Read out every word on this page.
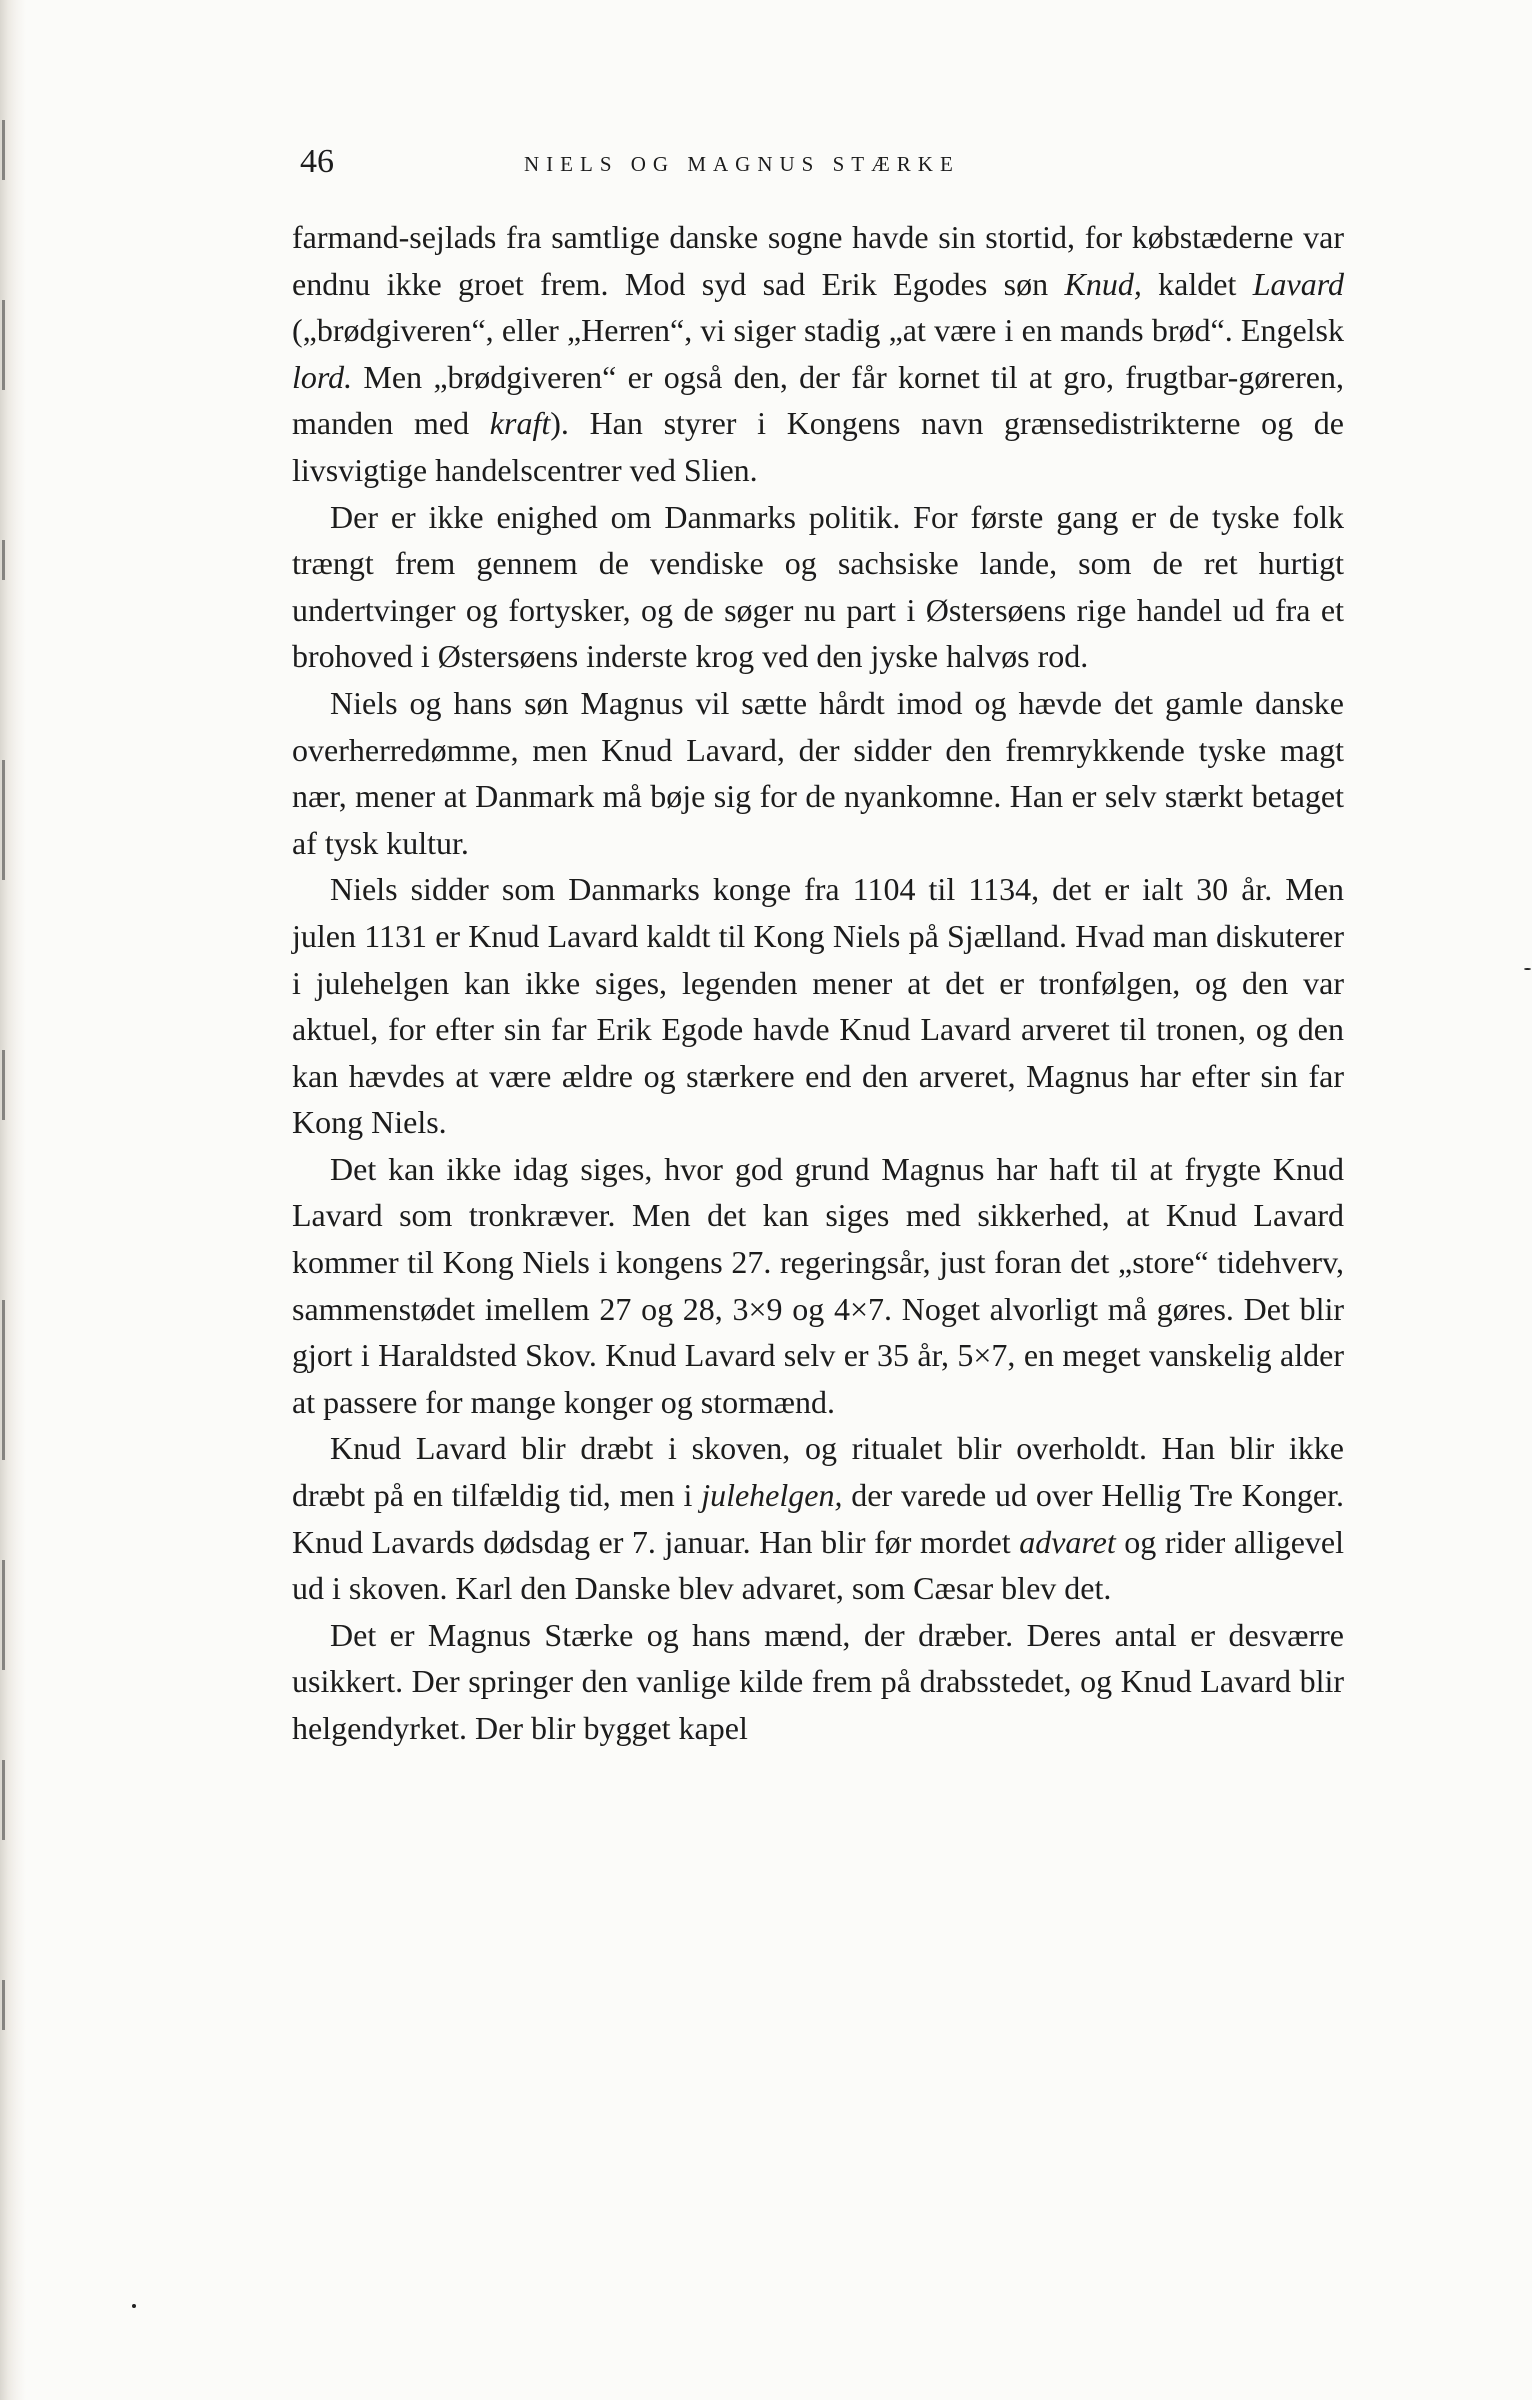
46	NIELS OG MAGNUS STÆRKE

farmand-sejlads fra samtlige danske sogne havde sin stortid, for købstæderne var endnu ikke groet frem. Mod syd sad Erik Egodes søn Knud, kaldet Lavard („brødgiveren“, eller „Herren“, vi siger stadig „at være i en mands brød“. Engelsk lord. Men „brødgiveren“ er også den, der får kornet til at gro, frugtbar-gøreren, manden med kraft). Han styrer i Kongens navn grænsedistrikterne og de livsvigtige handelscentrer ved Slien.

Der er ikke enighed om Danmarks politik. For første gang er de tyske folk trængt frem gennem de vendiske og sachsiske lande, som de ret hurtigt undertvinger og fortysker, og de søger nu part i Østersøens rige handel ud fra et brohoved i Østersøens inderste krog ved den jyske halvøs rod.

Niels og hans søn Magnus vil sætte hårdt imod og hævde det gamle danske overherredømme, men Knud Lavard, der sidder den fremrykkende tyske magt nær, mener at Danmark må bøje sig for de nyankomne. Han er selv stærkt betaget af tysk kultur.

Niels sidder som Danmarks konge fra 1104 til 1134, det er ialt 30 år. Men julen 1131 er Knud Lavard kaldt til Kong Niels på Sjælland. Hvad man diskuterer i julehelgen kan ikke siges, legenden mener at det er tronfølgen, og den var aktuel, for efter sin far Erik Egode havde Knud Lavard arveret til tronen, og den kan hævdes at være ældre og stærkere end den arveret, Magnus har efter sin far Kong Niels.

Det kan ikke idag siges, hvor god grund Magnus har haft til at frygte Knud Lavard som tronkræver. Men det kan siges med sikkerhed, at Knud Lavard kommer til Kong Niels i kongens 27. regeringsår, just foran det „store“ tidehverv, sammenstødet imellem 27 og 28, 3×9 og 4×7. Noget alvorligt må gøres. Det blir gjort i Haraldsted Skov. Knud Lavard selv er 35 år, 5×7, en meget vanskelig alder at passere for mange konger og stormænd.

Knud Lavard blir dræbt i skoven, og ritualet blir overholdt. Han blir ikke dræbt på en tilfældig tid, men i julehelgen, der varede ud over Hellig Tre Konger. Knud Lavards dødsdag er 7. januar. Han blir før mordet advaret og rider alligevel ud i skoven. Karl den Danske blev advaret, som Cæsar blev det.

Det er Magnus Stærke og hans mænd, der dræber. Deres antal er desværre usikkert. Der springer den vanlige kilde frem på drabsstedet, og Knud Lavard blir helgendyrket. Der blir bygget kapel
